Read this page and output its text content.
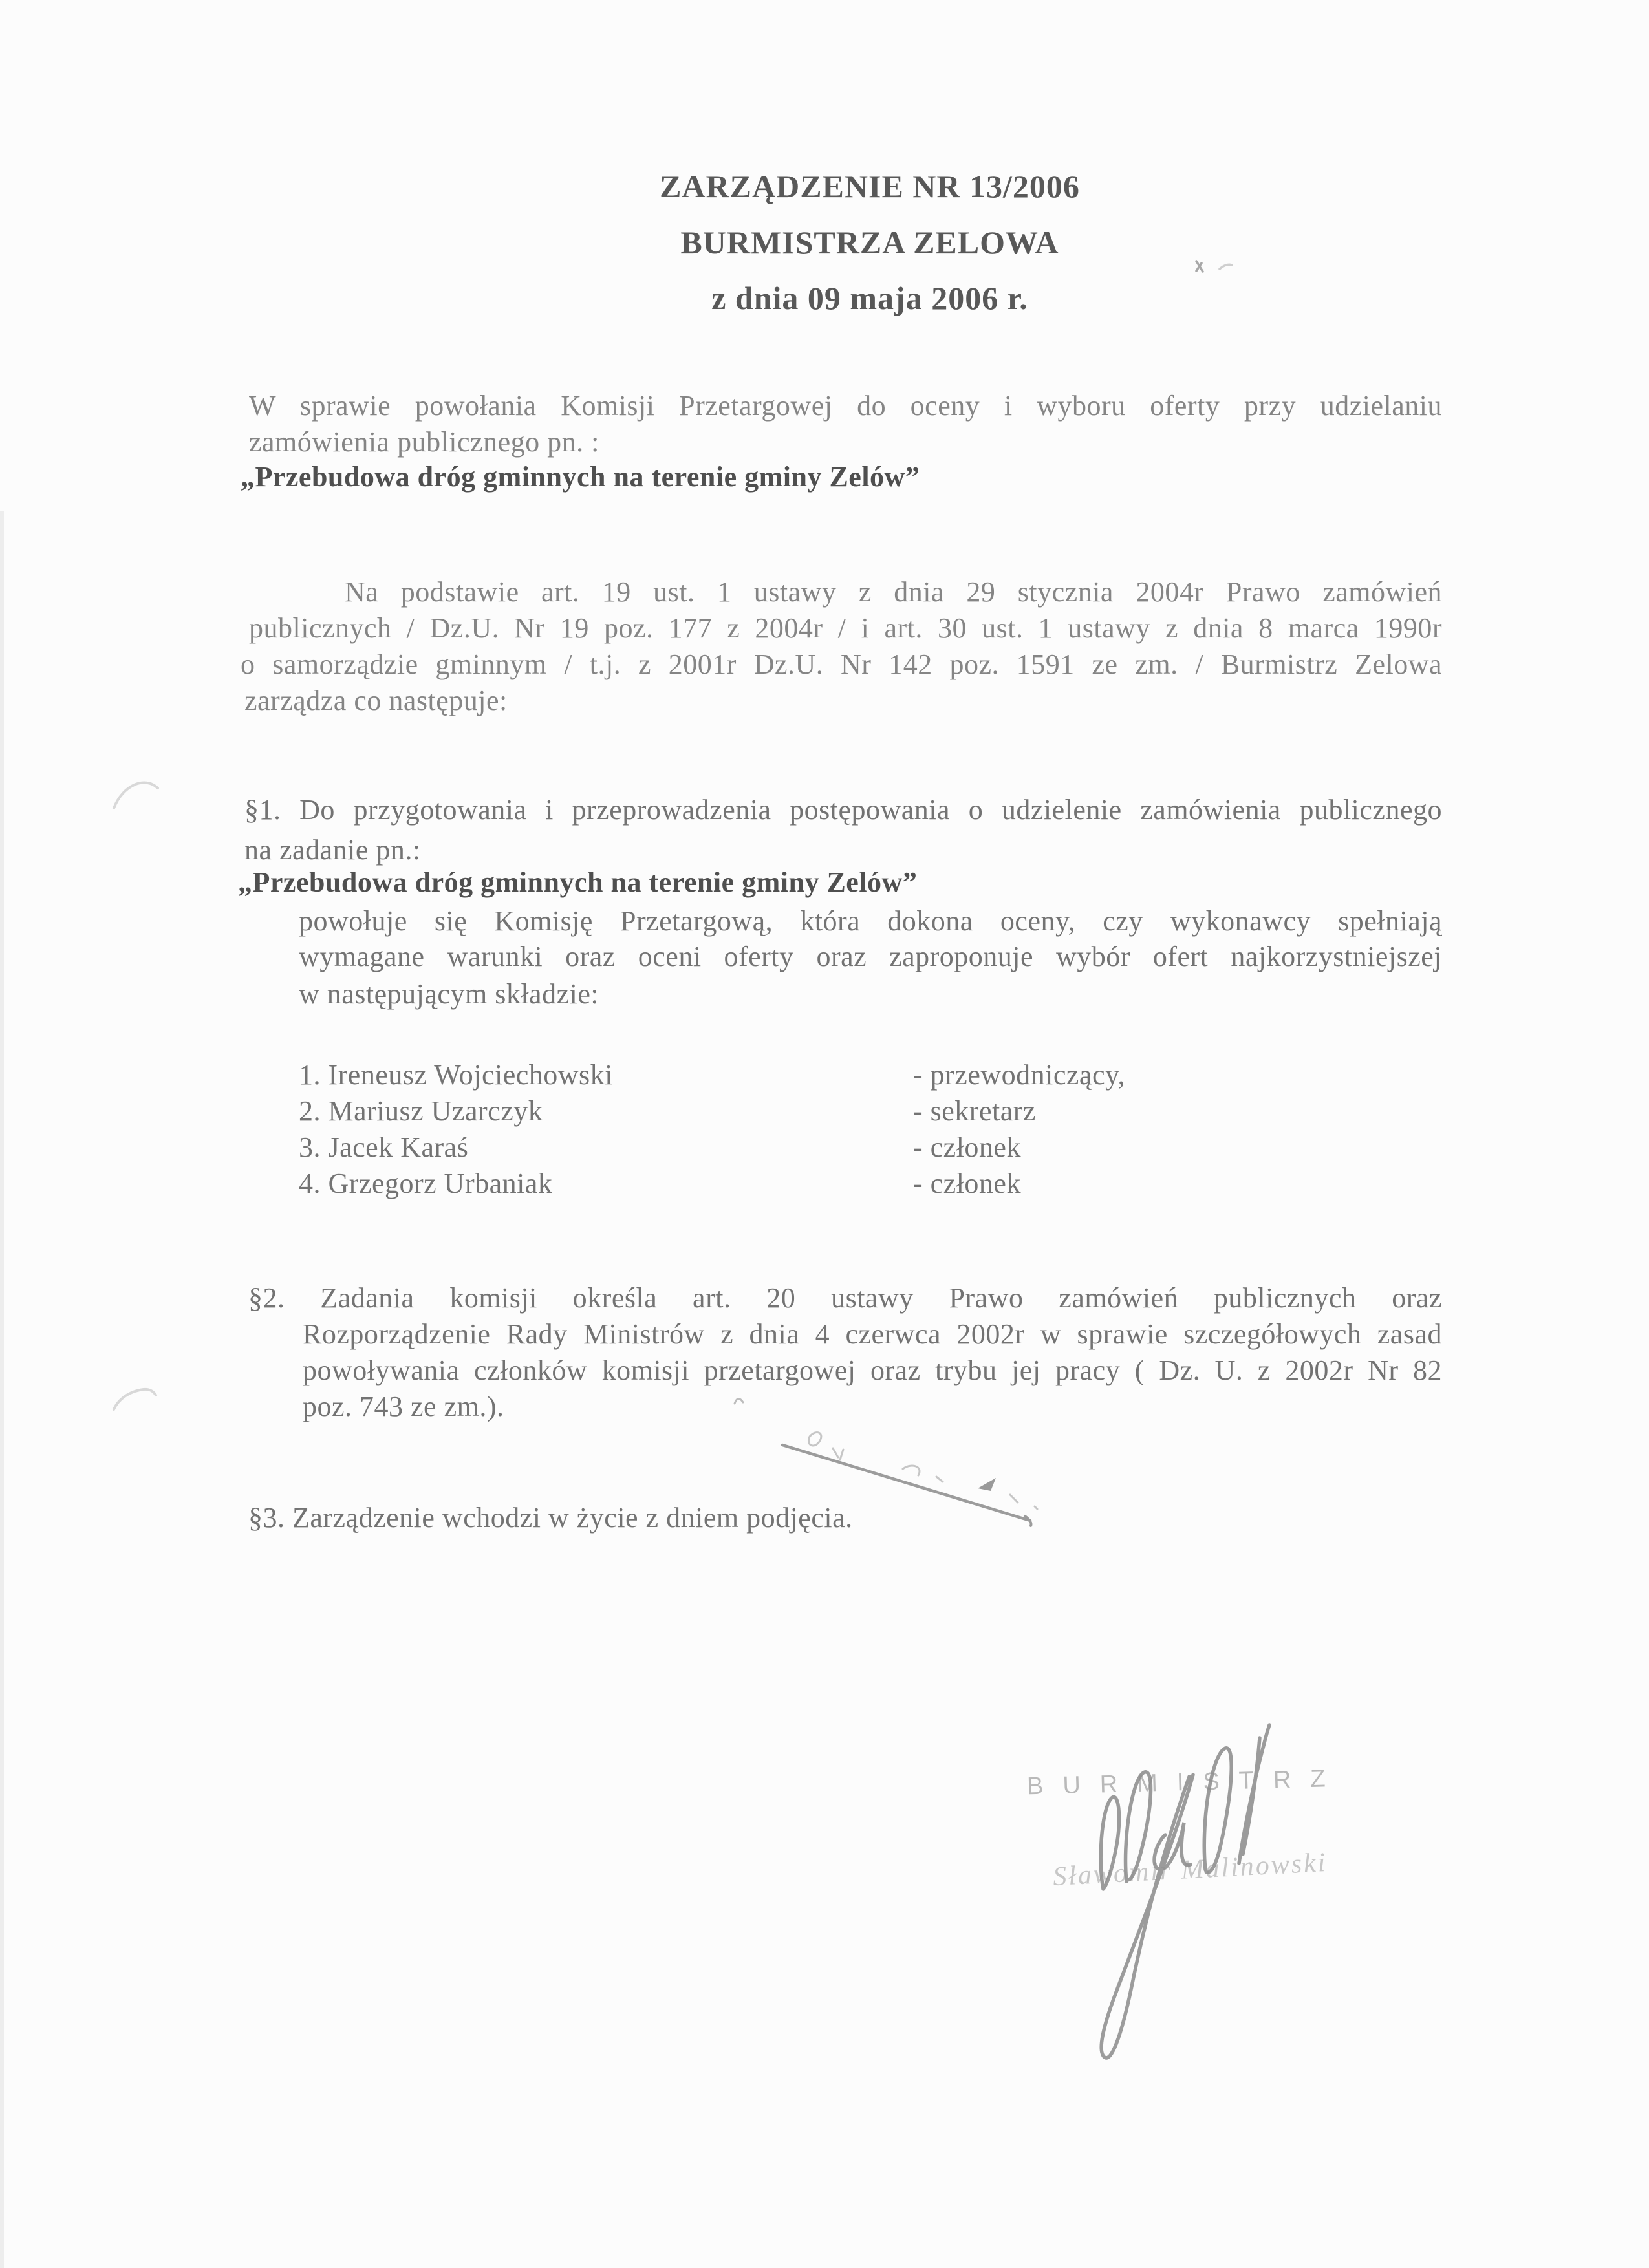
ZARZĄDZENIE NR 13/2006
BURMISTRZA ZELOWA
z dnia 09 maja 2006 r.
W sprawie powołania Komisji Przetargowej do oceny i wyboru oferty przy udzielaniu
zamówienia publicznego pn. :
„Przebudowa dróg gminnych na terenie gminy Zelów”
Na podstawie art. 19 ust. 1 ustawy z dnia 29 stycznia 2004r Prawo zamówień
publicznych / Dz.U. Nr 19 poz. 177 z 2004r / i art. 30 ust. 1 ustawy z dnia 8 marca 1990r
o samorządzie gminnym / t.j. z 2001r Dz.U. Nr 142 poz. 1591 ze zm. / Burmistrz Zelowa
zarządza co następuje:
§1. Do przygotowania i przeprowadzenia postępowania o udzielenie zamówienia publicznego
na zadanie pn.:
„Przebudowa dróg gminnych na terenie gminy Zelów”
powołuje się Komisję Przetargową, która dokona oceny, czy wykonawcy spełniają
wymagane warunki oraz oceni oferty oraz zaproponuje wybór ofert najkorzystniejszej
w następującym składzie:
1. Ireneusz Wojciechowski	- przewodniczący,
2. Mariusz Uzarczyk	- sekretarz
3. Jacek Karaś	- członek
4. Grzegorz Urbaniak	- członek
§2. Zadania komisji określa art. 20 ustawy Prawo zamówień publicznych oraz
Rozporządzenie Rady Ministrów z dnia 4 czerwca 2002r w sprawie szczegółowych zasad
powoływania członków komisji przetargowej oraz trybu jej pracy ( Dz. U. z 2002r Nr 82
poz. 743 ze zm.).
§3. Zarządzenie wchodzi w życie z dniem podjęcia.
BURMISTRZ
Sławomir Malinowski
